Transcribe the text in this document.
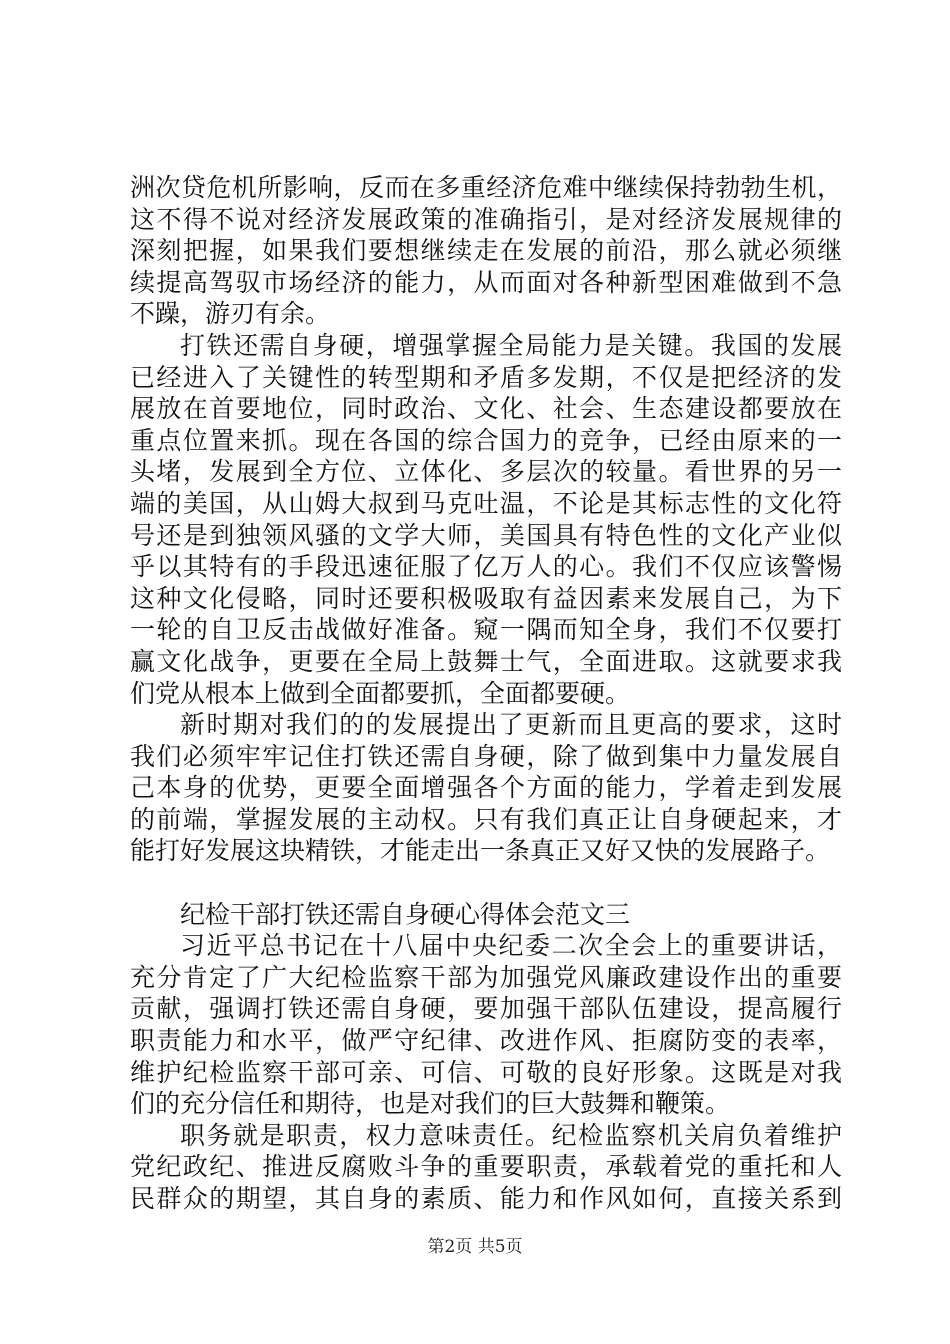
洲次贷危机所影响，反而在多重经济危难中继续保持勃勃生机，
这不得不说对经济发展政策的准确指引，是对经济发展规律的
深刻把握，如果我们要想继续走在发展的前沿，那么就必须继
续提高驾驭市场经济的能力，从而面对各种新型困难做到不急
不躁，游刃有余。
打铁还需自身硬，增强掌握全局能力是关键。我国的发展
已经进入了关键性的转型期和矛盾多发期，不仅是把经济的发
展放在首要地位，同时政治、文化、社会、生态建设都要放在
重点位置来抓。现在各国的综合国力的竞争，已经由原来的一
头堵，发展到全方位、立体化、多层次的较量。看世界的另一
端的美国，从山姆大叔到马克吐温，不论是其标志性的文化符
号还是到独领风骚的文学大师，美国具有特色性的文化产业似
乎以其特有的手段迅速征服了亿万人的心。我们不仅应该警惕
这种文化侵略，同时还要积极吸取有益因素来发展自己，为下
一轮的自卫反击战做好准备。窥一隅而知全身，我们不仅要打
赢文化战争，更要在全局上鼓舞士气，全面进取。这就要求我
们党从根本上做到全面都要抓，全面都要硬。
新时期对我们的的发展提出了更新而且更高的要求，这时
我们必须牢牢记住打铁还需自身硬，除了做到集中力量发展自
己本身的优势，更要全面增强各个方面的能力，学着走到发展
的前端，掌握发展的主动权。只有我们真正让自身硬起来，才
能打好发展这块精铁，才能走出一条真正又好又快的发展路子。
纪检干部打铁还需自身硬心得体会范文三
习近平总书记在十八届中央纪委二次全会上的重要讲话，
充分肯定了广大纪检监察干部为加强党风廉政建设作出的重要
贡献，强调打铁还需自身硬，要加强干部队伍建设，提高履行
职责能力和水平，做严守纪律、改进作风、拒腐防变的表率，
维护纪检监察干部可亲、可信、可敬的良好形象。这既是对我
们的充分信任和期待，也是对我们的巨大鼓舞和鞭策。
职务就是职责，权力意味责任。纪检监察机关肩负着维护
党纪政纪、推进反腐败斗争的重要职责，承载着党的重托和人
民群众的期望，其自身的素质、能力和作风如何，直接关系到
第2页 共5页
